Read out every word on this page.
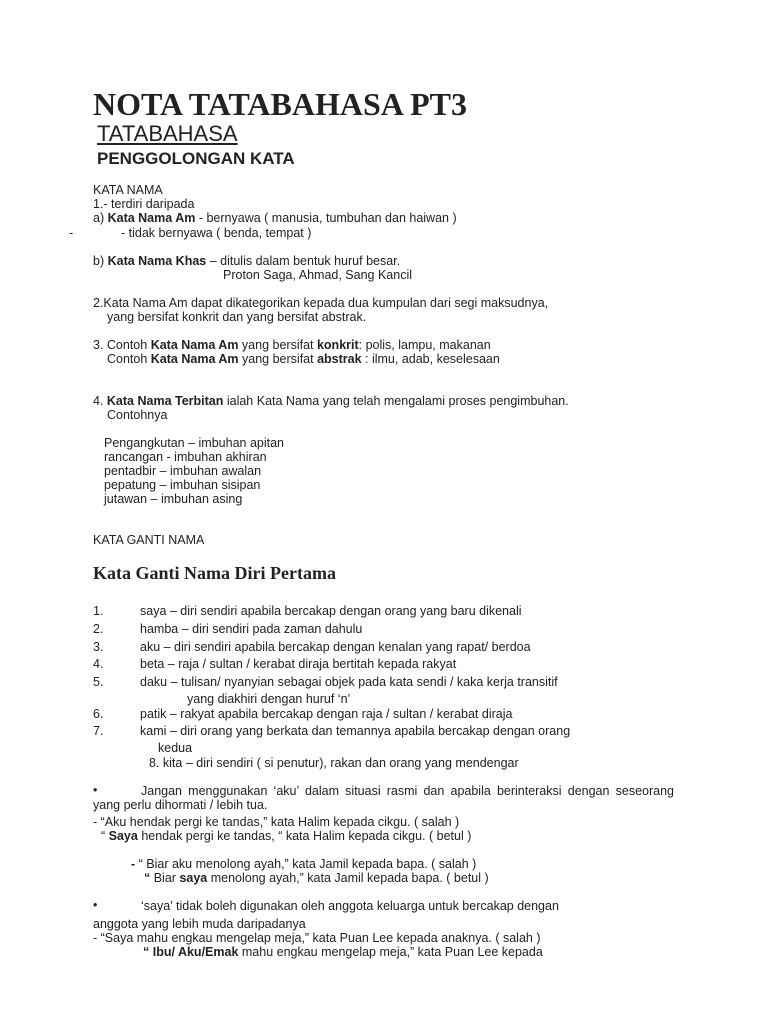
NOTA TATABAHASA PT3
TATABAHASA
PENGGOLONGAN KATA
KATA NAMA
1.- terdiri daripada
a) Kata Nama Am - bernyawa ( manusia, tumbuhan dan haiwan )
-	- tidak bernyawa ( benda, tempat )
b) Kata Nama Khas – ditulis dalam bentuk huruf besar.
Proton Saga, Ahmad, Sang Kancil
2.Kata Nama Am dapat dikategorikan kepada dua kumpulan dari segi maksudnya,
yang bersifat konkrit dan yang bersifat abstrak.
3. Contoh Kata Nama Am yang bersifat konkrit: polis, lampu, makanan
Contoh Kata Nama Am yang bersifat abstrak : ilmu, adab, keselesaan
4. Kata Nama Terbitan ialah Kata Nama yang telah mengalami proses pengimbuhan.
Contohnya
Pengangkutan – imbuhan apitan
rancangan - imbuhan akhiran
pentadbir – imbuhan awalan
pepatung – imbuhan sisipan
jutawan – imbuhan asing
KATA GANTI NAMA
Kata Ganti Nama Diri Pertama
1.	saya – diri sendiri apabila bercakap dengan orang yang baru dikenali
2.	hamba – diri sendiri pada zaman dahulu
3.	aku – diri sendiri apabila bercakap dengan kenalan yang rapat/ berdoa
4.	beta – raja / sultan / kerabat diraja bertitah kepada rakyat
5.	daku – tulisan/ nyanyian sebagai objek pada kata sendi / kaka kerja transitif
yang diakhiri dengan huruf ‘n’
6.	patik – rakyat apabila bercakap dengan raja / sultan / kerabat diraja
7.	kami – diri orang yang berkata dan temannya apabila bercakap dengan orang
kedua
8. kita – diri sendiri ( si penutur), rakan dan orang yang mendengar
•	Jangan menggunakan ‘aku’ dalam situasi rasmi dan apabila berinteraksi dengan seseorang
yang perlu dihormati / lebih tua.
- “Aku hendak pergi ke tandas,” kata Halim kepada cikgu. ( salah )
“ Saya hendak pergi ke tandas, “ kata Halim kepada cikgu. ( betul )
- “ Biar aku menolong ayah,” kata Jamil kepada bapa. ( salah )
“ Biar saya menolong ayah,” kata Jamil kepada bapa. ( betul )
•	‘saya’ tidak boleh digunakan oleh anggota keluarga untuk bercakap dengan
anggota yang lebih muda daripadanya
- “Saya mahu engkau mengelap meja,” kata Puan Lee kepada anaknya. ( salah )
“ Ibu/ Aku/Emak mahu engkau mengelap meja,” kata Puan Lee kepada
